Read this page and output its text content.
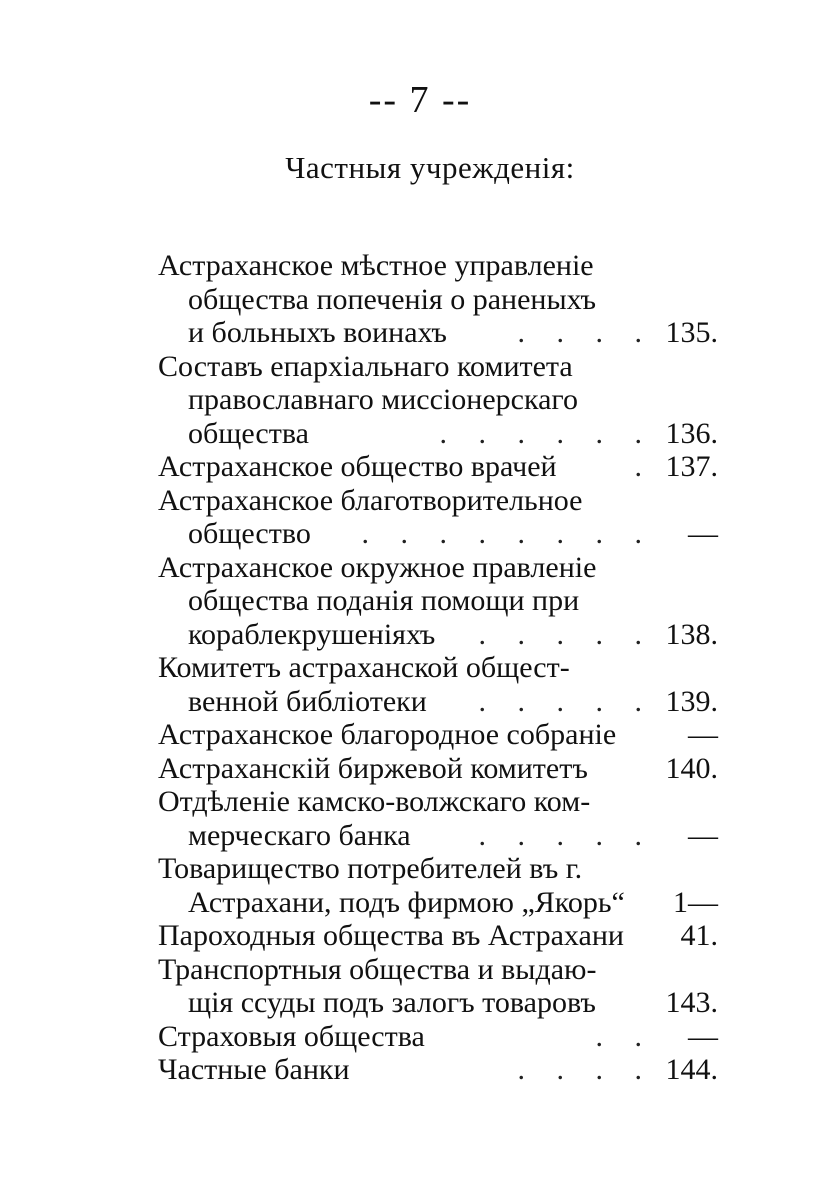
-- 7 --
Частныя учрежденія:
Астраханское мѣстное управленіе
общества попеченія о раненыхъ
и больныхъ воинахъ	. . . . 135.
Составъ епархіальнаго комитета
православнаго миссіонерскаго
общества	. . . . . . 136.
Астраханское общество врачей	. 137.
Астраханское благотворительное
общество	. . . . . . . .	—
Астраханское окружное правленіе
общества поданія помощи при
кораблекрушеніяхъ	. . . . . 138.
Комитетъ астраханской общест-
венной библіотеки	. . . . . 139.
Астраханское благородное собраніе	—
Астраханскій биржевой комитетъ	140.
Отдѣленіе камско-волжскаго ком-
мерческаго банка	. . . . .	—
Товарищество потребителей въ г.
Астрахани, подъ фирмою „Якорь“	1—
Пароходныя общества въ Астрахани	41.
Транспортныя общества и выдаю-
щія ссуды подъ залогъ товаровъ	143.
Страховыя общества	. .	—
Частные банки	. . . . 144.
